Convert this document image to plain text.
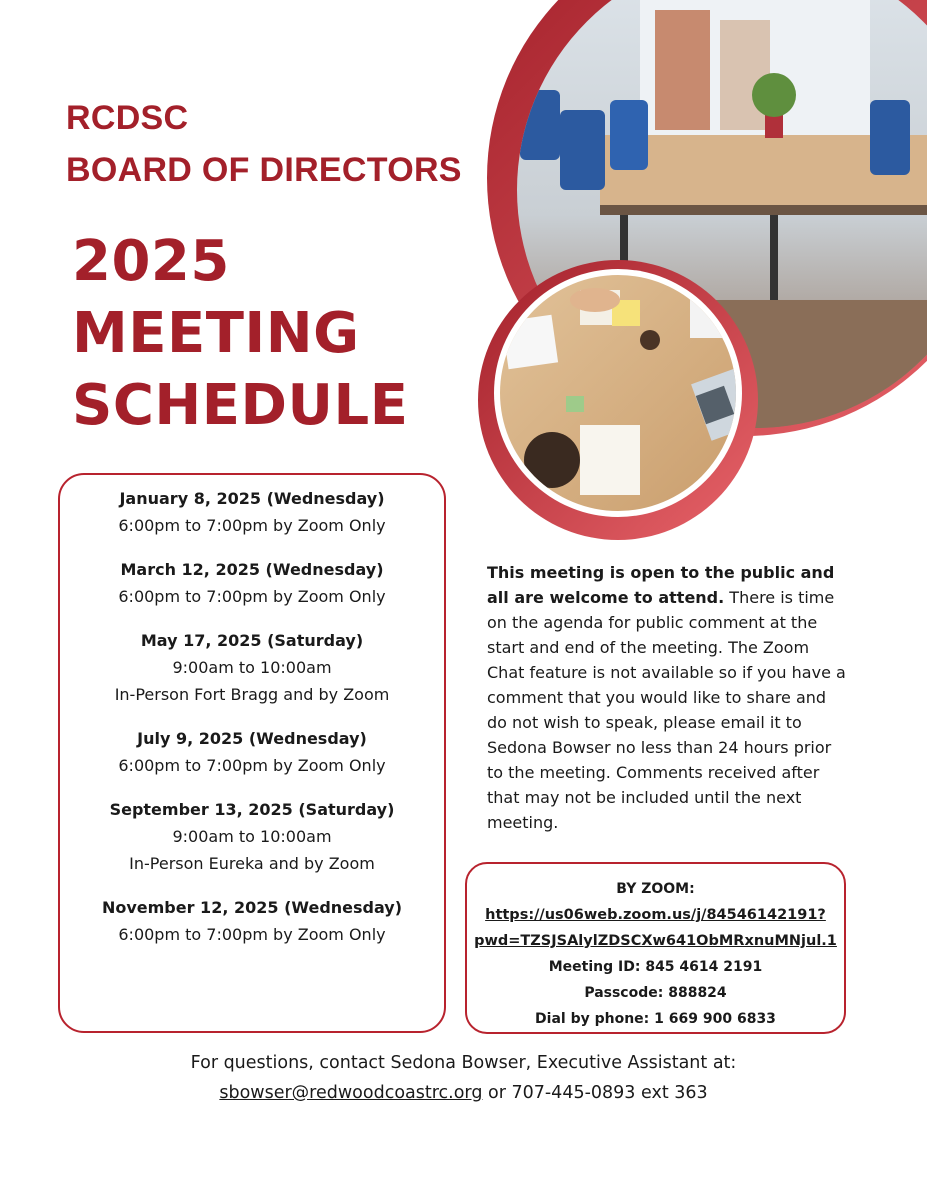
RCDSC
BOARD OF DIRECTORS
2025
MEETING
SCHEDULE
January 8, 2025 (Wednesday)
6:00pm to 7:00pm by Zoom Only
March 12, 2025 (Wednesday)
6:00pm to 7:00pm by Zoom Only
May 17, 2025 (Saturday)
9:00am to 10:00am
In-Person Fort Bragg and by Zoom
July 9, 2025 (Wednesday)
6:00pm to 7:00pm by Zoom Only
September 13, 2025 (Saturday)
9:00am to 10:00am
In-Person Eureka and by Zoom
November 12, 2025 (Wednesday)
6:00pm to 7:00pm by Zoom Only
This meeting is open to the public and all are welcome to attend. There is time on the agenda for public comment at the start and end of the meeting. The Zoom Chat feature is not available so if you have a comment that you would like to share and do not wish to speak, please email it to Sedona Bowser no less than 24 hours prior to the meeting. Comments received after that may not be included until the next meeting.
BY ZOOM:
https://us06web.zoom.us/j/84546142191?
pwd=TZSJSAlylZDSCXw641ObMRxnuMNjul.1
Meeting ID: 845 4614 2191
Passcode: 888824
Dial by phone: 1 669 900 6833
For questions, contact Sedona Bowser, Executive Assistant at:
sbowser@redwoodcoastrc.org or 707-445-0893 ext 363
